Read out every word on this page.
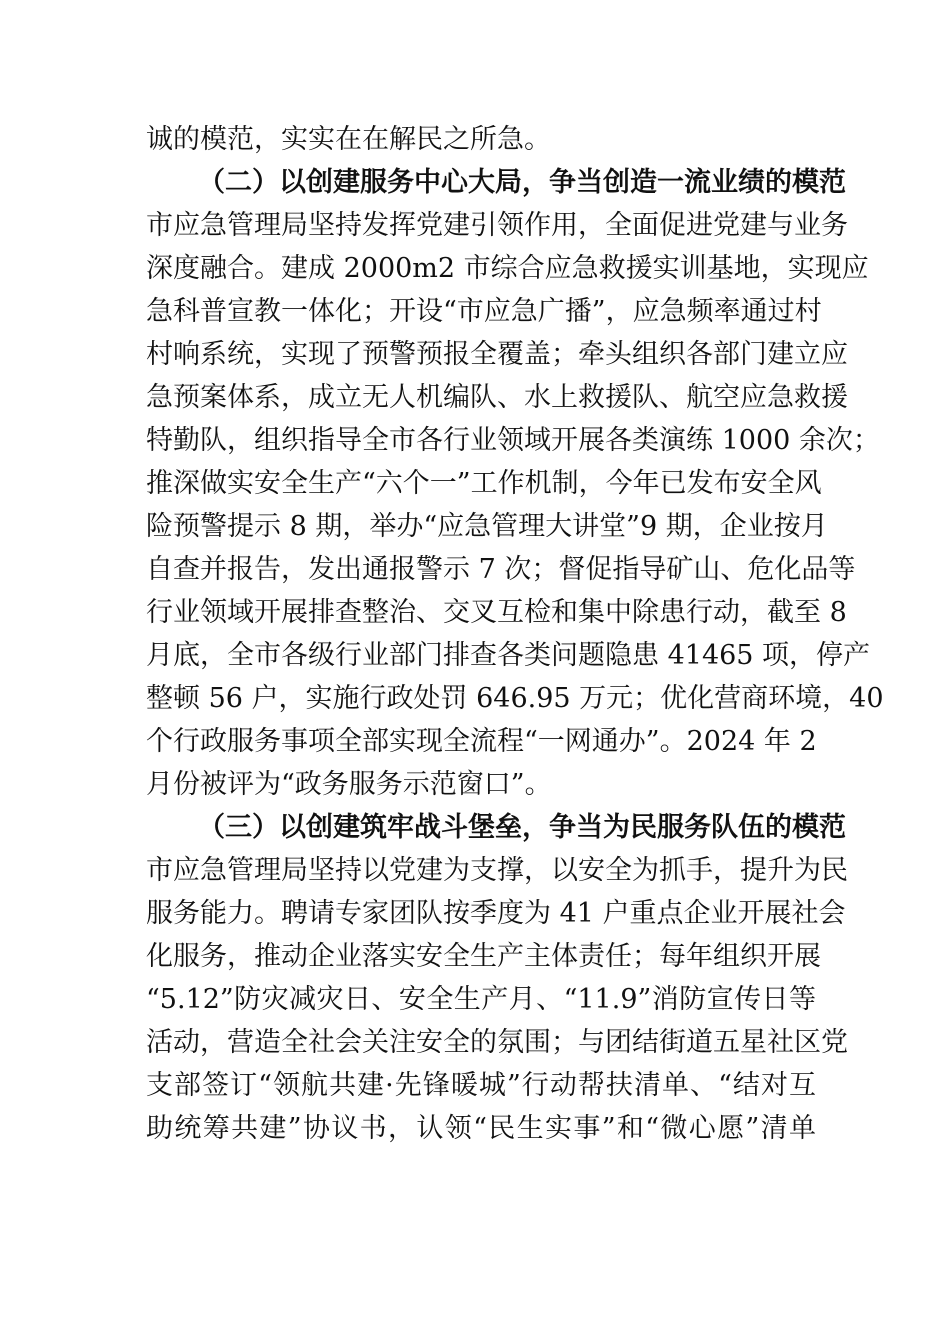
诚的模范，实实在在解民之所急。
（二）以创建服务中心大局，争当创造一流业绩的模范
市应急管理局坚持发挥党建引领作用，全面促进党建与业务
深度融合。建成 2000m2 市综合应急救援实训基地，实现应
急科普宣教一体化；开设“市应急广播”，应急频率通过村
村响系统，实现了预警预报全覆盖；牵头组织各部门建立应
急预案体系，成立无人机编队、水上救援队、航空应急救援
特勤队，组织指导全市各行业领域开展各类演练 1000 余次；
推深做实安全生产“六个一”工作机制，今年已发布安全风
险预警提示 8 期，举办“应急管理大讲堂”9 期，企业按月
自查并报告，发出通报警示 7 次；督促指导矿山、危化品等
行业领域开展排查整治、交叉互检和集中除患行动，截至 8
月底，全市各级行业部门排查各类问题隐患 41465 项，停产
整顿 56 户，实施行政处罚 646.95 万元；优化营商环境，40
个行政服务事项全部实现全流程“一网通办”。2024 年 2
月份被评为“政务服务示范窗口”。
（三）以创建筑牢战斗堡垒，争当为民服务队伍的模范
市应急管理局坚持以党建为支撑，以安全为抓手，提升为民
服务能力。聘请专家团队按季度为 41 户重点企业开展社会
化服务，推动企业落实安全生产主体责任；每年组织开展
“5.12”防灾减灾日、安全生产月、“11.9”消防宣传日等
活动，营造全社会关注安全的氛围；与团结街道五星社区党
支部签订“领航共建·先锋暖城”行动帮扶清单、“结对互
助统筹共建”协议书，认领“民生实事”和“微心愿”清单
